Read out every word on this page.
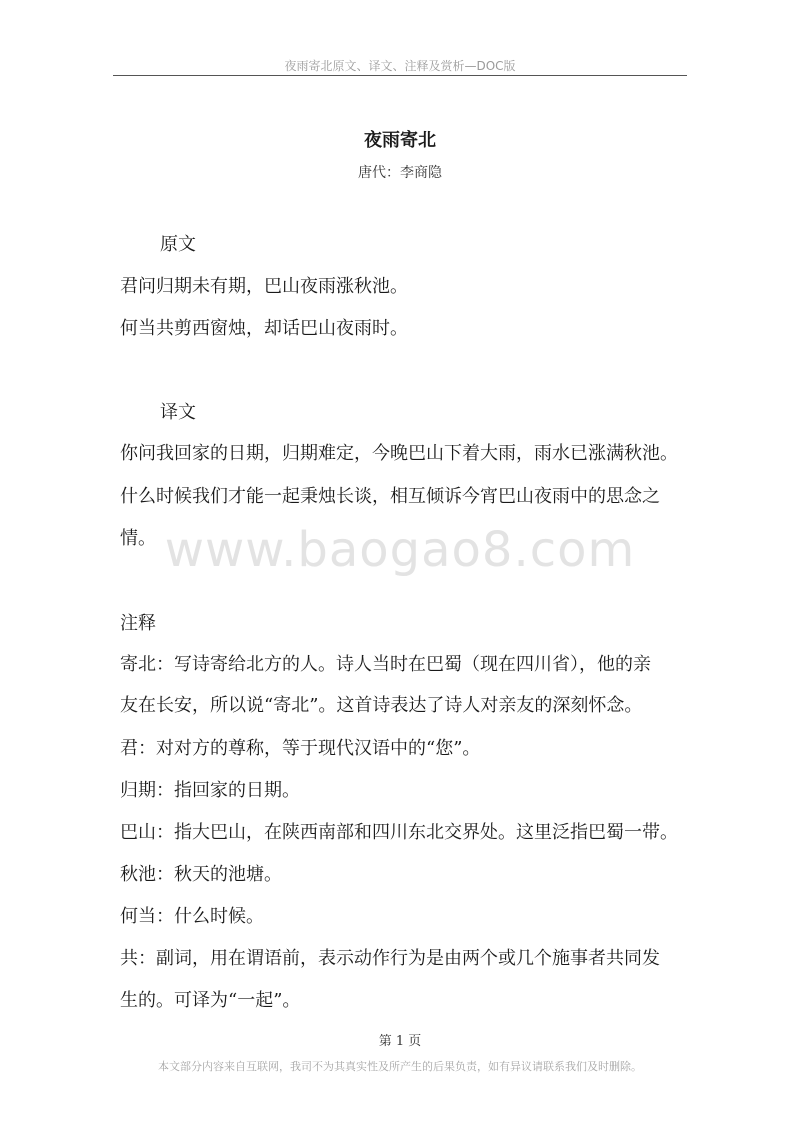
夜雨寄北原文、译文、注释及赏析—DOC版
夜雨寄北
唐代：李商隐
原文
君问归期未有期，巴山夜雨涨秋池。
何当共剪西窗烛，却话巴山夜雨时。
译文
你问我回家的日期，归期难定，今晚巴山下着大雨，雨水已涨满秋池。
什么时候我们才能一起秉烛长谈，相互倾诉今宵巴山夜雨中的思念之
情。 www.baogao8.com
注释
寄北：写诗寄给北方的人。诗人当时在巴蜀（现在四川省），他的亲
友在长安，所以说“寄北”。这首诗表达了诗人对亲友的深刻怀念。
君：对对方的尊称，等于现代汉语中的“您”。
归期：指回家的日期。
巴山：指大巴山，在陕西南部和四川东北交界处。这里泛指巴蜀一带。
秋池：秋天的池塘。
何当：什么时候。
共：副词，用在谓语前，表示动作行为是由两个或几个施事者共同发
生的。可译为“一起”。
第 1 页
本文部分内容来自互联网，我司不为其真实性及所产生的后果负责，如有异议请联系我们及时删除。
